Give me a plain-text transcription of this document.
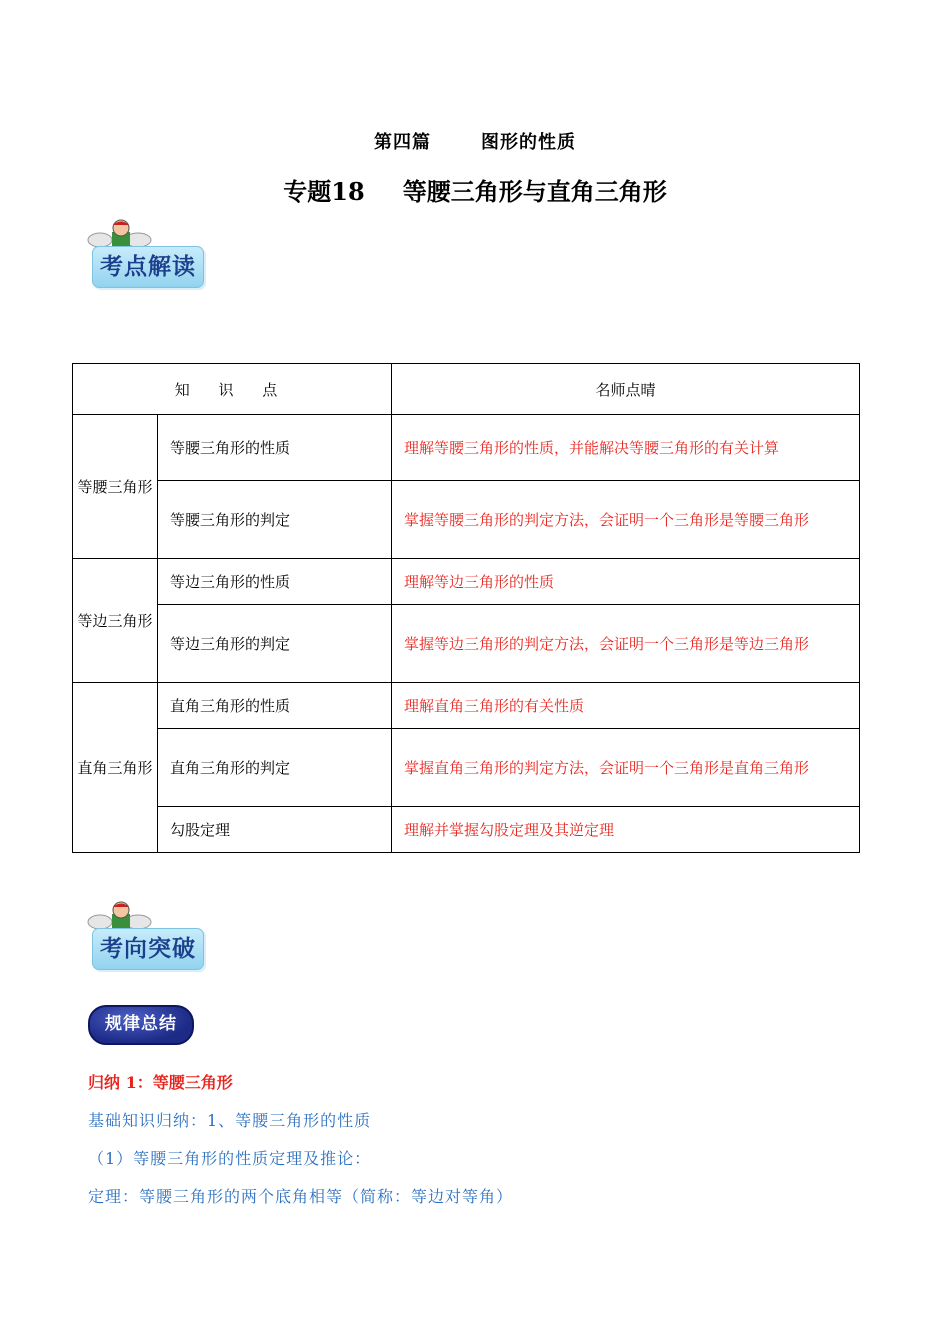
第四篇	图形的性质
专题18 等腰三角形与直角三角形
考点解读
知 识 点		名师点晴
等腰三角形	等腰三角形的性质	理解等腰三角形的性质，并能解决等腰三角形的有关计算
	等腰三角形的判定	掌握等腰三角形的判定方法，会证明一个三角形是等腰三角形
等边三角形	等边三角形的性质	理解等边三角形的性质
	等边三角形的判定	掌握等边三角形的判定方法，会证明一个三角形是等边三角形
直角三角形	直角三角形的性质	理解直角三角形的有关性质
	直角三角形的判定	掌握直角三角形的判定方法，会证明一个三角形是直角三角形
	勾股定理	理解并掌握勾股定理及其逆定理
考向突破
规律总结
归纳 1：等腰三角形
基础知识归纳：1、等腰三角形的性质
（1）等腰三角形的性质定理及推论：
定理：等腰三角形的两个底角相等（简称：等边对等角）
